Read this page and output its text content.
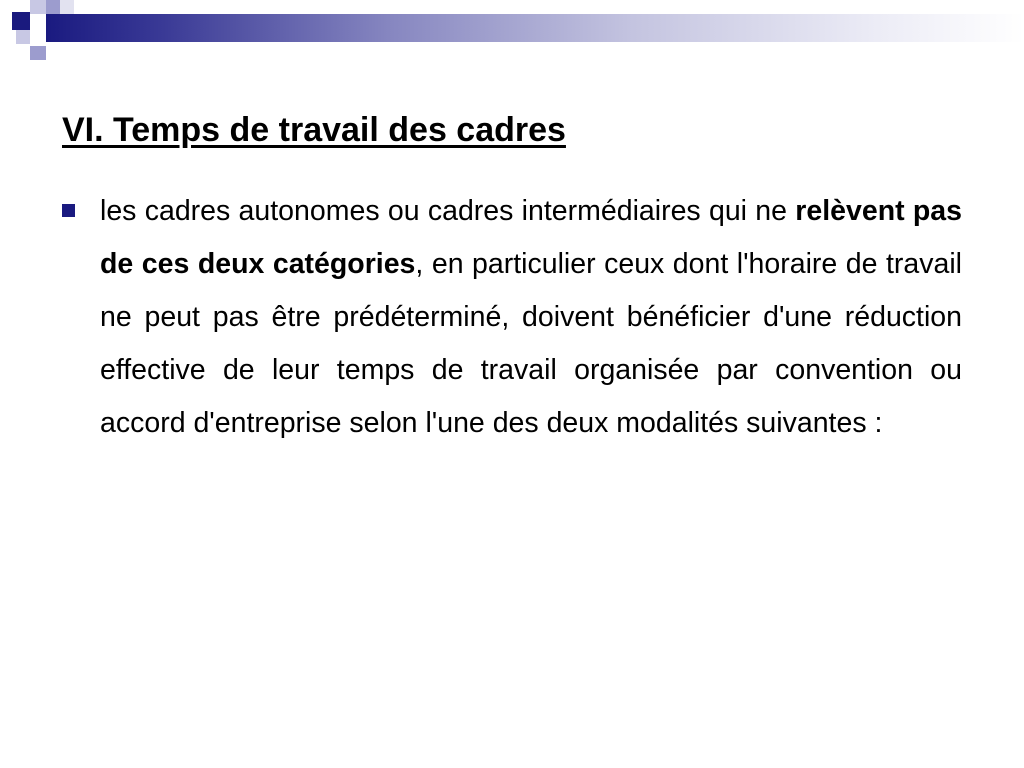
VI. Temps de travail des cadres

les cadres autonomes ou cadres intermédiaires qui ne relèvent pas de ces deux catégories, en particulier ceux dont l'horaire de travail ne peut pas être prédéterminé, doivent bénéficier d'une réduction effective de leur temps de travail organisée par convention ou accord d'entreprise selon l'une des deux modalités suivantes :
